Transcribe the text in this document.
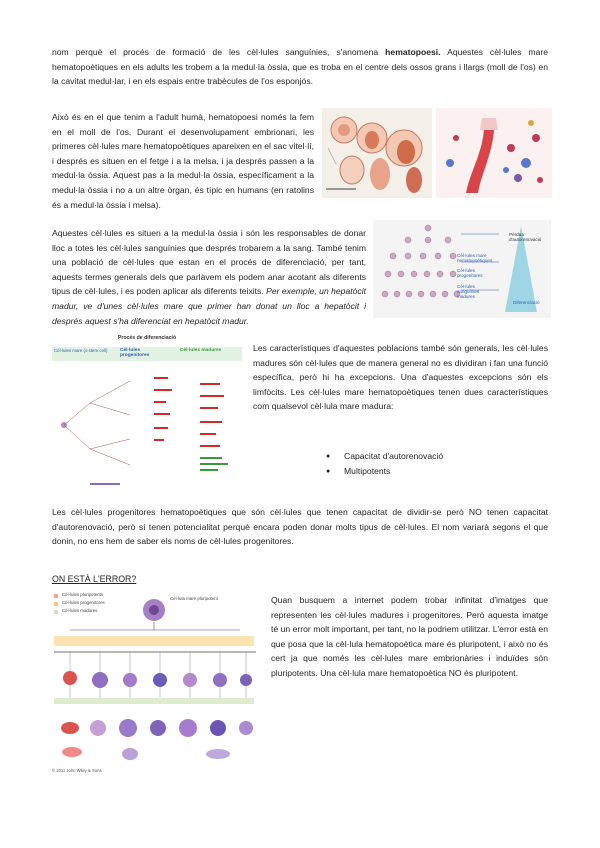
nom perquè el procés de formació de les cèl·lules sanguínies, s'anomena hematopoesi. Aquestes cèl·lules mare hematopoètiques en els adults les trobem a la medul·la òssia, que es troba en el centre dels ossos grans i llargs (moll de l'os) en la cavitat medul·lar, i en els espais entre trabècules de l'os esponjós.
Això és en el que tenim a l'adult humà, hematopoesi només la fem en el moll de l'os. Durant el desenvolupament embrionari, les primeres cèl·lules mare hematopoètiques apareixen en el sac vitel·lí, i després es situen en el fetge i a la melsa, i ja després passen a la medul·la òssia. Aquest pas a la medul·la òssia, específicament a la medul·la òssia i no a un altre òrgan, és típic en humans (en ratolins és a medul·la òssia i melsa).
Aquestes cèl·lules es situen a la medul·la òssia i són les responsables de donar lloc a totes les cèl·lules sanguínies que després trobarem a la sang. També tenim una població de cèl·lules que estan en el procés de diferenciació, per tant, aquests termes generals dels que parlàvem els podem anar acotant als diferents tipus de cèl·lules, i es poden aplicar als diferents teixits. Per exemple, un hepatòcit madur, ve d'unes cèl·lules mare que primer han donat un lloc a hepatòcit i després aquest s'ha diferenciat en hepatòcit madur.
Cèl·lules mare hematopoètiques
Cèl·lules progenitores
Cèl·lules sanguínies madures
Pèrdua d'autorenovació
Diferenciació
Procés de diferenciació
Cèl·lules mare (o stem cell)	Cèl·lules progenitores
Cèl·lules madures	Les característiques d'aquestes poblacions també són generals, les cèl·lules madures són cèl·lules que de manera general no es dividiran i fan una funció específica, però hi ha excepcions. Una d'aquestes excepcions són els limfòcits. Les cèl·lules mare hematopoètiques tenen dues característiques com qualsevol cèl·lula mare madura:
● Capacitat d'autorenovació
● Multipotents
Les cèl·lules progenitores hematopoètiques que són cèl·lules que tenen capacitat de dividir-se però NO tenen capacitat d'autorenovació, però sí tenen potencialitat perquè encara poden donar molts tipus de cèl·lules. El nom variarà segons el que donin, no ens hem de saber els noms de cèl·lules progenitores.
ON ESTÀ L'ERROR?
Cèl·lules pluripotents
Cèl·lules progenitores
Cèl·lules madures
Cèl·lula mare pluripotent
© 2011 John Wiley & Sons
Quan busquem a internet podem trobar infinitat d'imatges que representen les cèl·lules madures i progenitores. Però aquesta imatge té un error molt important, per tant, no la podriem utilitzar. L'error està en que posa que la cèl·lula hematopoètica mare és pluripotent, i això no és cert ja que només les cèl·lules mare embrionàries i induïdes són pluripotents. Una cèl·lula mare hematopoètica NO és pluripotent.
